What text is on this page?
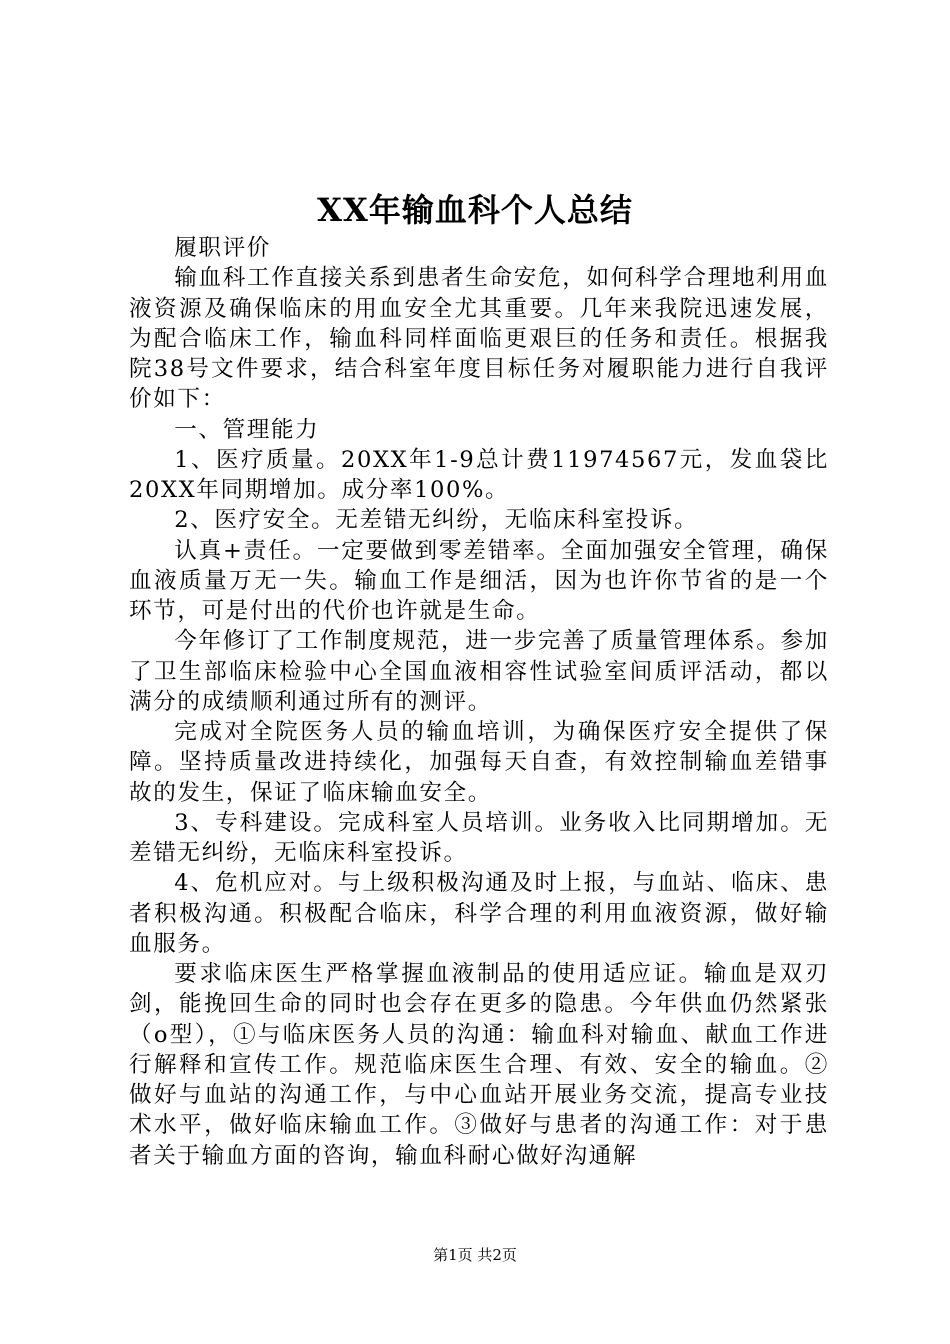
XX年输血科个人总结

履职评价

输血科工作直接关系到患者生命安危，如何科学合理地利用血液资源及确保临床的用血安全尤其重要。几年来我院迅速发展，为配合临床工作，输血科同样面临更艰巨的任务和责任。根据我院38号文件要求，结合科室年度目标任务对履职能力进行自我评价如下：

一、管理能力

1、医疗质量。20XX年1-9总计费11974567元，发血袋比20XX年同期增加。成分率100%。

2、医疗安全。无差错无纠纷，无临床科室投诉。

认真+责任。一定要做到零差错率。全面加强安全管理，确保血液质量万无一失。输血工作是细活，因为也许你节省的是一个环节，可是付出的代价也许就是生命。

今年修订了工作制度规范，进一步完善了质量管理体系。参加了卫生部临床检验中心全国血液相容性试验室间质评活动，都以满分的成绩顺利通过所有的测评。

完成对全院医务人员的输血培训，为确保医疗安全提供了保障。坚持质量改进持续化，加强每天自查，有效控制输血差错事故的发生，保证了临床输血安全。

3、专科建设。完成科室人员培训。业务收入比同期增加。无差错无纠纷，无临床科室投诉。

4、危机应对。与上级积极沟通及时上报，与血站、临床、患者积极沟通。积极配合临床，科学合理的利用血液资源，做好输血服务。

要求临床医生严格掌握血液制品的使用适应证。输血是双刃剑，能挽回生命的同时也会存在更多的隐患。今年供血仍然紧张（o型），①与临床医务人员的沟通：输血科对输血、献血工作进行解释和宣传工作。规范临床医生合理、有效、安全的输血。②做好与血站的沟通工作，与中心血站开展业务交流，提高专业技术水平，做好临床输血工作。③做好与患者的沟通工作：对于患者关于输血方面的咨询，输血科耐心做好沟通解

第1页 共2页
